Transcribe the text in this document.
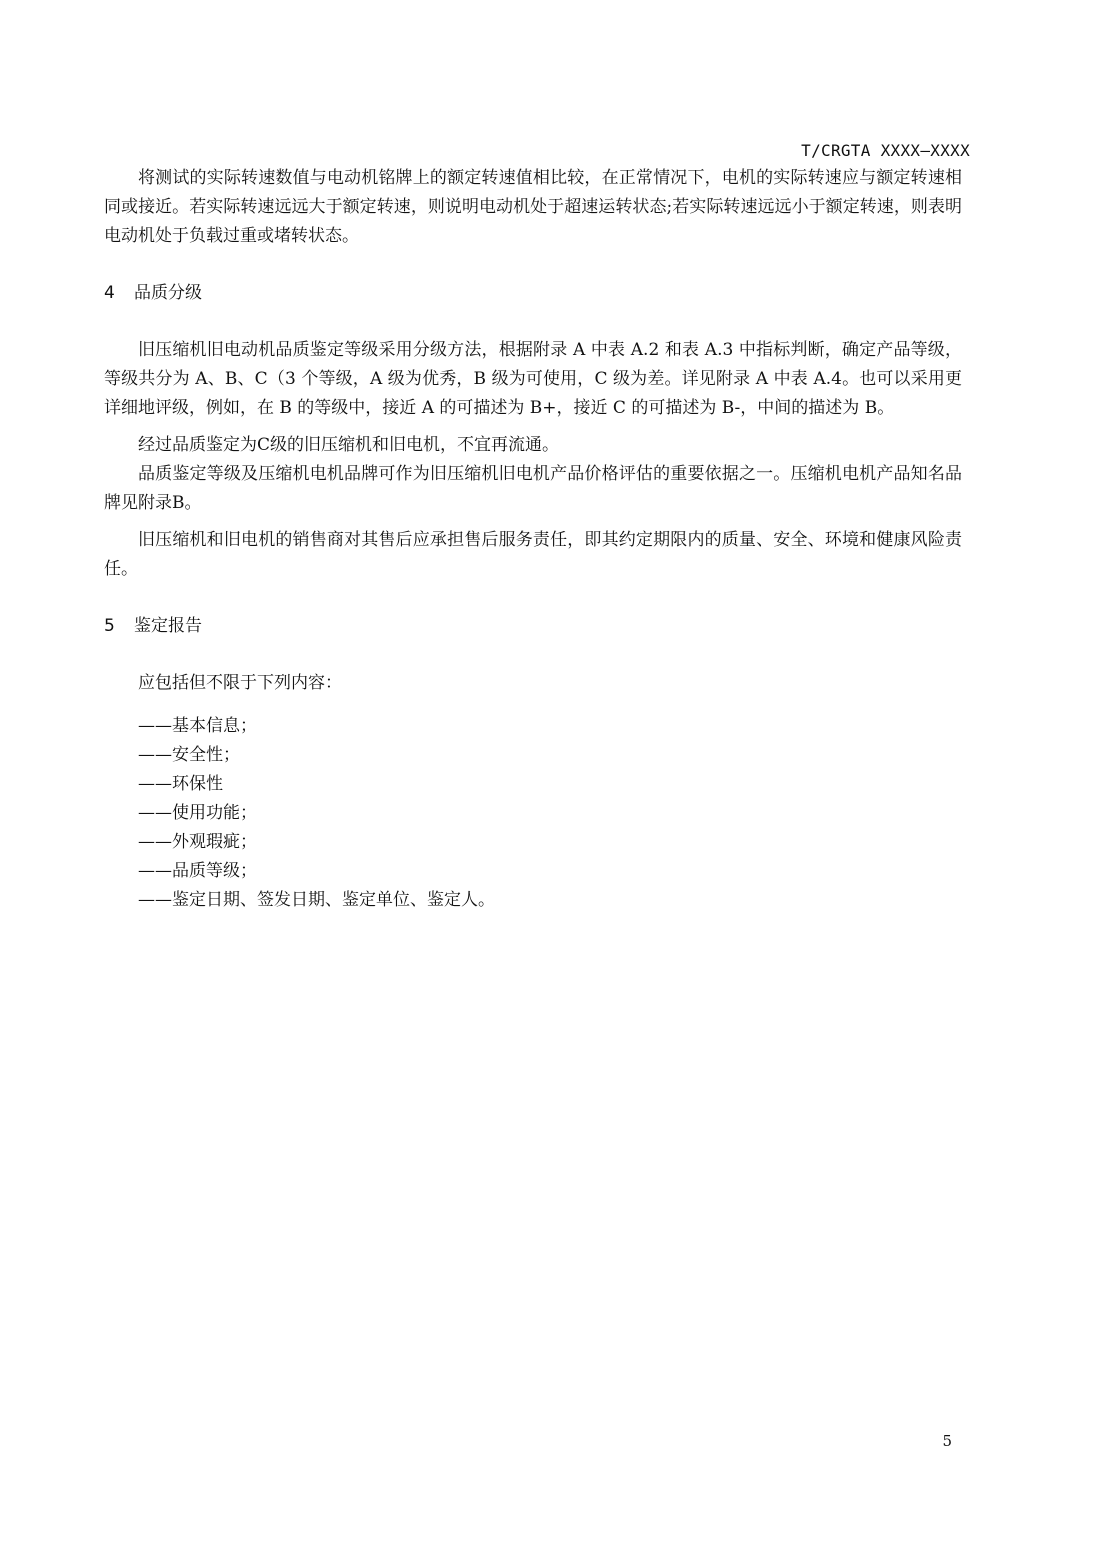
T/CRGTA XXXX—XXXX

将测试的实际转速数值与电动机铭牌上的额定转速值相比较，在正常情况下，电机的实际转速应与额定转速相同或接近。若实际转速远远大于额定转速，则说明电动机处于超速运转状态;若实际转速远远小于额定转速，则表明电动机处于负载过重或堵转状态。

4	品质分级

旧压缩机旧电动机品质鉴定等级采用分级方法，根据附录 A 中表 A.2 和表 A.3 中指标判断，确定产品等级，等级共分为 A、B、C（3 个等级，A 级为优秀，B 级为可使用，C 级为差。详见附录 A 中表 A.4。也可以采用更详细地评级，例如，在 B 的等级中，接近 A 的可描述为 B+，接近 C 的可描述为 B-，中间的描述为 B。

经过品质鉴定为C级的旧压缩机和旧电机，不宜再流通。

品质鉴定等级及压缩机电机品牌可作为旧压缩机旧电机产品价格评估的重要依据之一。压缩机电机产品知名品牌见附录B。

旧压缩机和旧电机的销售商对其售后应承担售后服务责任，即其约定期限内的质量、安全、环境和健康风险责任。

5	鉴定报告

应包括但不限于下列内容：

——基本信息；
——安全性；
——环保性
——使用功能；
——外观瑕疵；
——品质等级；
——鉴定日期、签发日期、鉴定单位、鉴定人。
5
